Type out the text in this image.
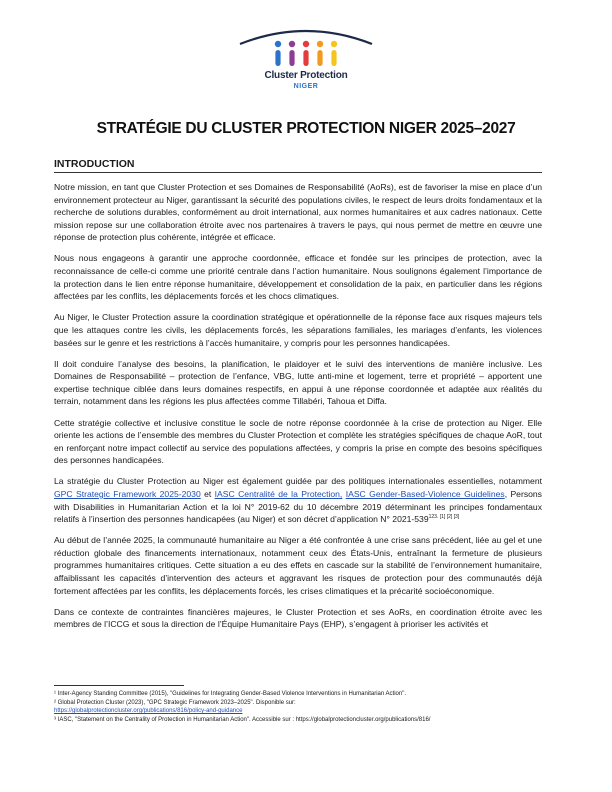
Cluster Protection
NIGER
STRATÉGIE DU CLUSTER PROTECTION NIGER 2025–2027
INTRODUCTION

Notre mission, en tant que Cluster Protection et ses Domaines de Responsabilité (AoRs), est de favoriser la mise en place d’un environnement protecteur au Niger, garantissant la sécurité des populations civiles, le respect de leurs droits fondamentaux et la recherche de solutions durables, conformément au droit international, aux normes humanitaires et aux cadres nationaux. Cette mission repose sur une collaboration étroite avec nos partenaires à travers le pays, qui nous permet de mettre en œuvre une réponse de protection plus cohérente, intégrée et efficace.

Nous nous engageons à garantir une approche coordonnée, efficace et fondée sur les principes de protection, avec la reconnaissance de celle-ci comme une priorité centrale dans l’action humanitaire. Nous soulignons également l’importance de la protection dans le lien entre réponse humanitaire, développement et consolidation de la paix, en particulier dans les régions affectées par les conflits, les déplacements forcés et les chocs climatiques.

Au Niger, le Cluster Protection assure la coordination stratégique et opérationnelle de la réponse face aux risques majeurs tels que les attaques contre les civils, les déplacements forcés, les séparations familiales, les mariages d’enfants, les violences basées sur le genre et les restrictions à l’accès humanitaire, y compris pour les personnes handicapées.

Il doit conduire l’analyse des besoins, la planification, le plaidoyer et le suivi des interventions de manière inclusive. Les Domaines de Responsabilité – protection de l’enfance, VBG, lutte anti-mine et logement, terre et propriété – apportent une expertise technique ciblée dans leurs domaines respectifs, en appui à une réponse coordonnée et adaptée aux réalités du terrain, notamment dans les régions les plus affectées comme Tillabéri, Tahoua et Diffa.

Cette stratégie collective et inclusive constitue le socle de notre réponse coordonnée à la crise de protection au Niger. Elle oriente les actions de l’ensemble des membres du Cluster Protection et complète les stratégies spécifiques de chaque AoR, tout en renforçant notre impact collectif au service des populations affectées, y compris la prise en compte des besoins spécifiques des personnes handicapées.

La stratégie du Cluster Protection au Niger est également guidée par des politiques internationales essentielles, notamment GPC Strategic Framework 2025-2030 et IASC Centralité de la Protection, IASC Gender-Based-Violence Guidelines, Persons with Disabilities in Humanitarian Action et la loi N° 2019-62 du 10 décembre 2019 déterminant les principes fondamentaux relatifs à l’insertion des personnes handicapées (au Niger) et son décret d’application N° $2021-539^{123. [1] [2] [3]}$

Au début de l’année 2025, la communauté humanitaire au Niger a été confrontée à une crise sans précédent, liée au gel et une réduction globale des financements internationaux, notamment ceux des États-Unis, entraînant la fermeture de plusieurs programmes humanitaires critiques. Cette situation a eu des effets en cascade sur la stabilité de l’environnement humanitaire, affaiblissant les capacités d’intervention des acteurs et aggravant les risques de protection pour des communautés déjà fortement affectées par les conflits, les déplacements forcés, les crises climatiques et la précarité socioéconomique.

Dans ce contexte de contraintes financières majeures, le Cluster Protection et ses AoRs, en coordination étroite avec les membres de l’ICCG et sous la direction de l’Équipe Humanitaire Pays (EHP), s’engagent à prioriser les activités et

¹ Inter-Agency Standing Committee (2015), "Guidelines for Integrating Gender-Based Violence Interventions in Humanitarian Action".
² Global Protection Cluster (2023), "GPC Strategic Framework 2023–2025". Disponible sur:
https://globalprotectioncluster.org/publications/816/policy-and-guidance
³ IASC, "Statement on the Centrality of Protection in Humanitarian Action". Accessible sur : https://globalprotectioncluster.org/publications/816/
